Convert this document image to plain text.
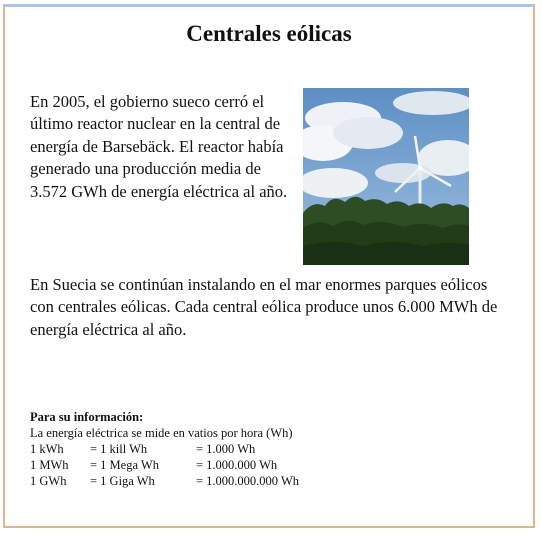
Centrales eólicas

En 2005, el gobierno sueco cerró el último reactor nuclear en la central de energía de Barsebäck. El reactor había generado una producción media de 3.572 GWh de energía eléctrica al año.

En Suecia se continúan instalando en el mar enormes parques eólicos con centrales eólicas. Cada central eólica produce unos 6.000 MWh de energía eléctrica al año.

Para su información:
La energía eléctrica se mide en vatios por hora (Wh)
1 kWh	= 1 kill Wh	= 1.000 Wh
1 MWh	= 1 Mega Wh	= 1.000.000 Wh
1 GWh	= 1 Giga Wh	= 1.000.000.000 Wh
